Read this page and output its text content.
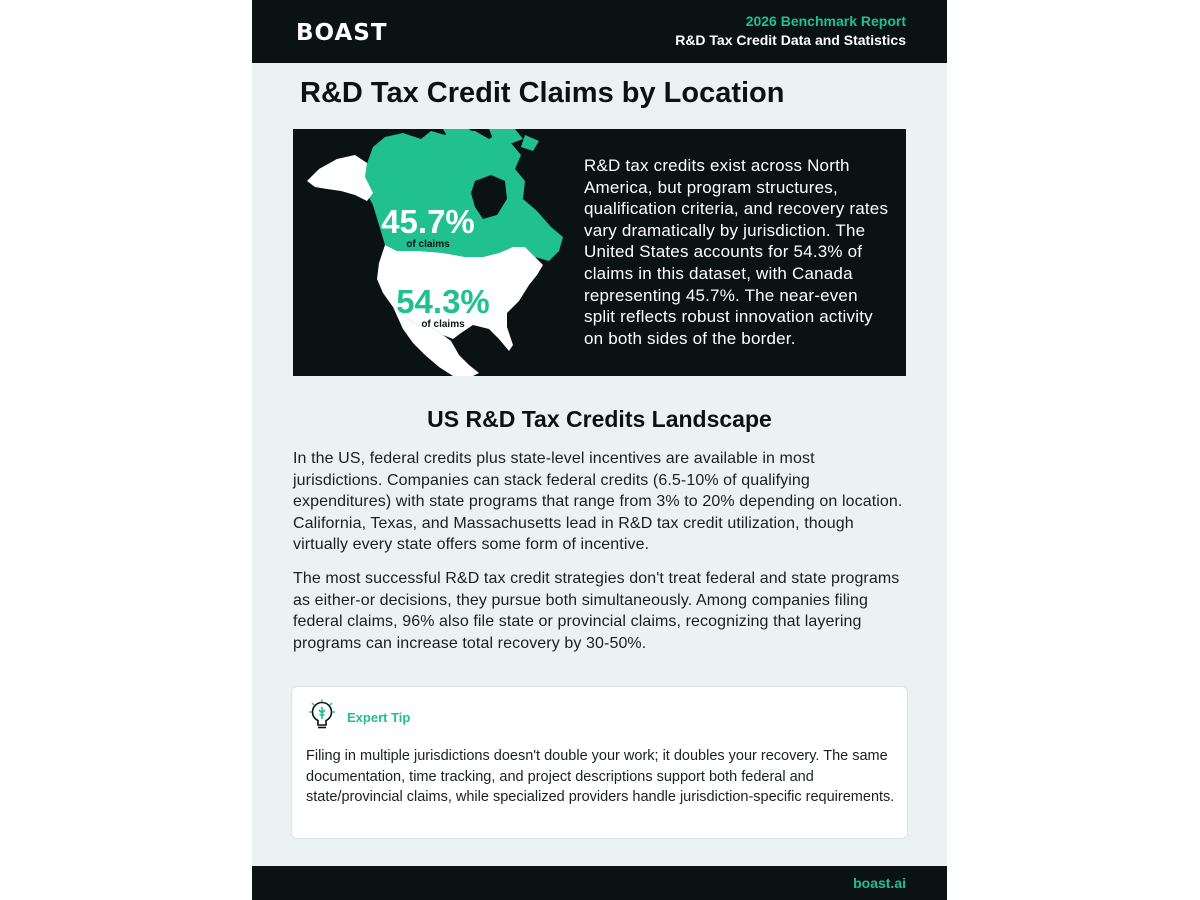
BOAST	2026 Benchmark Report
R&D Tax Credit Data and Statistics
R&D Tax Credit Claims by Location
45.7%
of claims
54.3%
of claims

R&D tax credits exist across North America, but program structures, qualification criteria, and recovery rates vary dramatically by jurisdiction. The United States accounts for 54.3% of claims in this dataset, with Canada representing 45.7%. The near-even split reflects robust innovation activity on both sides of the border.

US R&D Tax Credits Landscape

In the US, federal credits plus state-level incentives are available in most jurisdictions. Companies can stack federal credits (6.5-10% of qualifying expenditures) with state programs that range from 3% to 20% depending on location. California, Texas, and Massachusetts lead in R&D tax credit utilization, though virtually every state offers some form of incentive.

The most successful R&D tax credit strategies don't treat federal and state programs as either-or decisions, they pursue both simultaneously. Among companies filing federal claims, 96% also file state or provincial claims, recognizing that layering programs can increase total recovery by 30-50%.

Expert Tip

Filing in multiple jurisdictions doesn't double your work; it doubles your recovery. The same documentation, time tracking, and project descriptions support both federal and state/provincial claims, while specialized providers handle jurisdiction-specific requirements.

boast.ai
